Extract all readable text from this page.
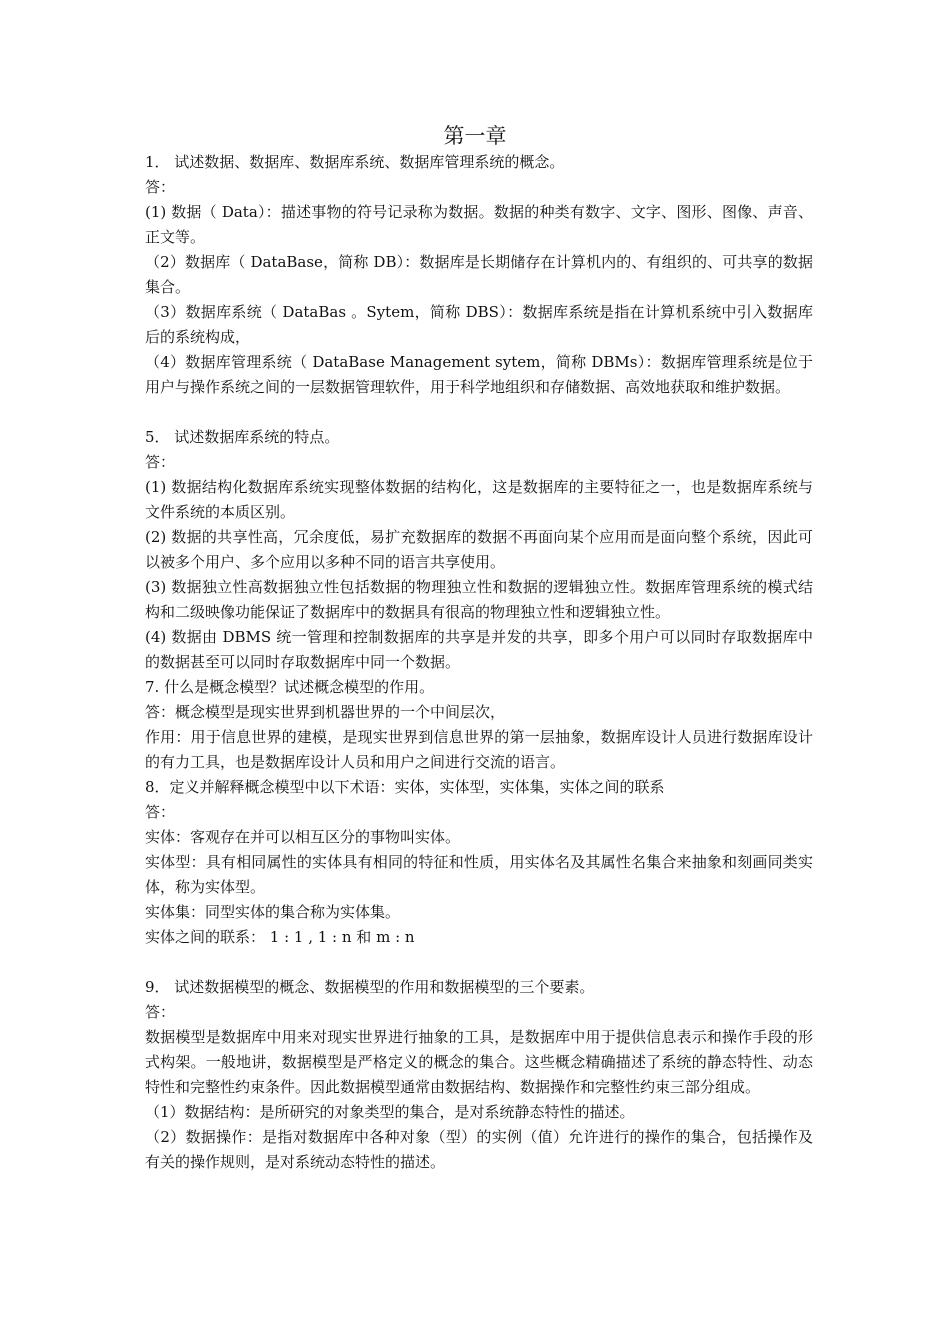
第一章

1． 试述数据、数据库、数据库系统、数据库管理系统的概念。

答：

(1) 数据（ Data）：描述事物的符号记录称为数据。数据的种类有数字、文字、图形、图像、声音、正文等。

（2）数据库（ DataBase，简称 DB）：数据库是长期储存在计算机内的、有组织的、可共享的数据集合。

（3）数据库系统（ DataBas 。Sytem，简称 DBS）：数据库系统是指在计算机系统中引入数据库后的系统构成，

（4）数据库管理系统（ DataBase Management sytem，简称 DBMs）：数据库管理系统是位于用户与操作系统之间的一层数据管理软件，用于科学地组织和存储数据、高效地获取和维护数据。

5． 试述数据库系统的特点。

答：

(1) 数据结构化数据库系统实现整体数据的结构化，这是数据库的主要特征之一，也是数据库系统与文件系统的本质区别。

(2) 数据的共享性高，冗余度低，易扩充数据库的数据不再面向某个应用而是面向整个系统，因此可以被多个用户、多个应用以多种不同的语言共享使用。

(3) 数据独立性高数据独立性包括数据的物理独立性和数据的逻辑独立性。数据库管理系统的模式结构和二级映像功能保证了数据库中的数据具有很高的物理独立性和逻辑独立性。

(4) 数据由 DBMS 统一管理和控制数据库的共享是并发的共享，即多个用户可以同时存取数据库中的数据甚至可以同时存取数据库中同一个数据。

7. 什么是概念模型？试述概念模型的作用。

答：概念模型是现实世界到机器世界的一个中间层次，

作用：用于信息世界的建模，是现实世界到信息世界的第一层抽象，数据库设计人员进行数据库设计的有力工具，也是数据库设计人员和用户之间进行交流的语言。

8．定义并解释概念模型中以下术语：实体，实体型，实体集，实体之间的联系

答：

实体：客观存在并可以相互区分的事物叫实体。

实体型：具有相同属性的实体具有相同的特征和性质，用实体名及其属性名集合来抽象和刻画同类实体，称为实体型。

实体集：同型实体的集合称为实体集。

实体之间的联系： 1 : 1 , 1 : n 和 m : n

9． 试述数据模型的概念、数据模型的作用和数据模型的三个要素。

答：

数据模型是数据库中用来对现实世界进行抽象的工具，是数据库中用于提供信息表示和操作手段的形式构架。一般地讲，数据模型是严格定义的概念的集合。这些概念精确描述了系统的静态特性、动态特性和完整性约束条件。因此数据模型通常由数据结构、数据操作和完整性约束三部分组成。

（1）数据结构：是所研究的对象类型的集合，是对系统静态特性的描述。

（2）数据操作：是指对数据库中各种对象（型）的实例（值）允许进行的操作的集合，包括操作及有关的操作规则，是对系统动态特性的描述。
